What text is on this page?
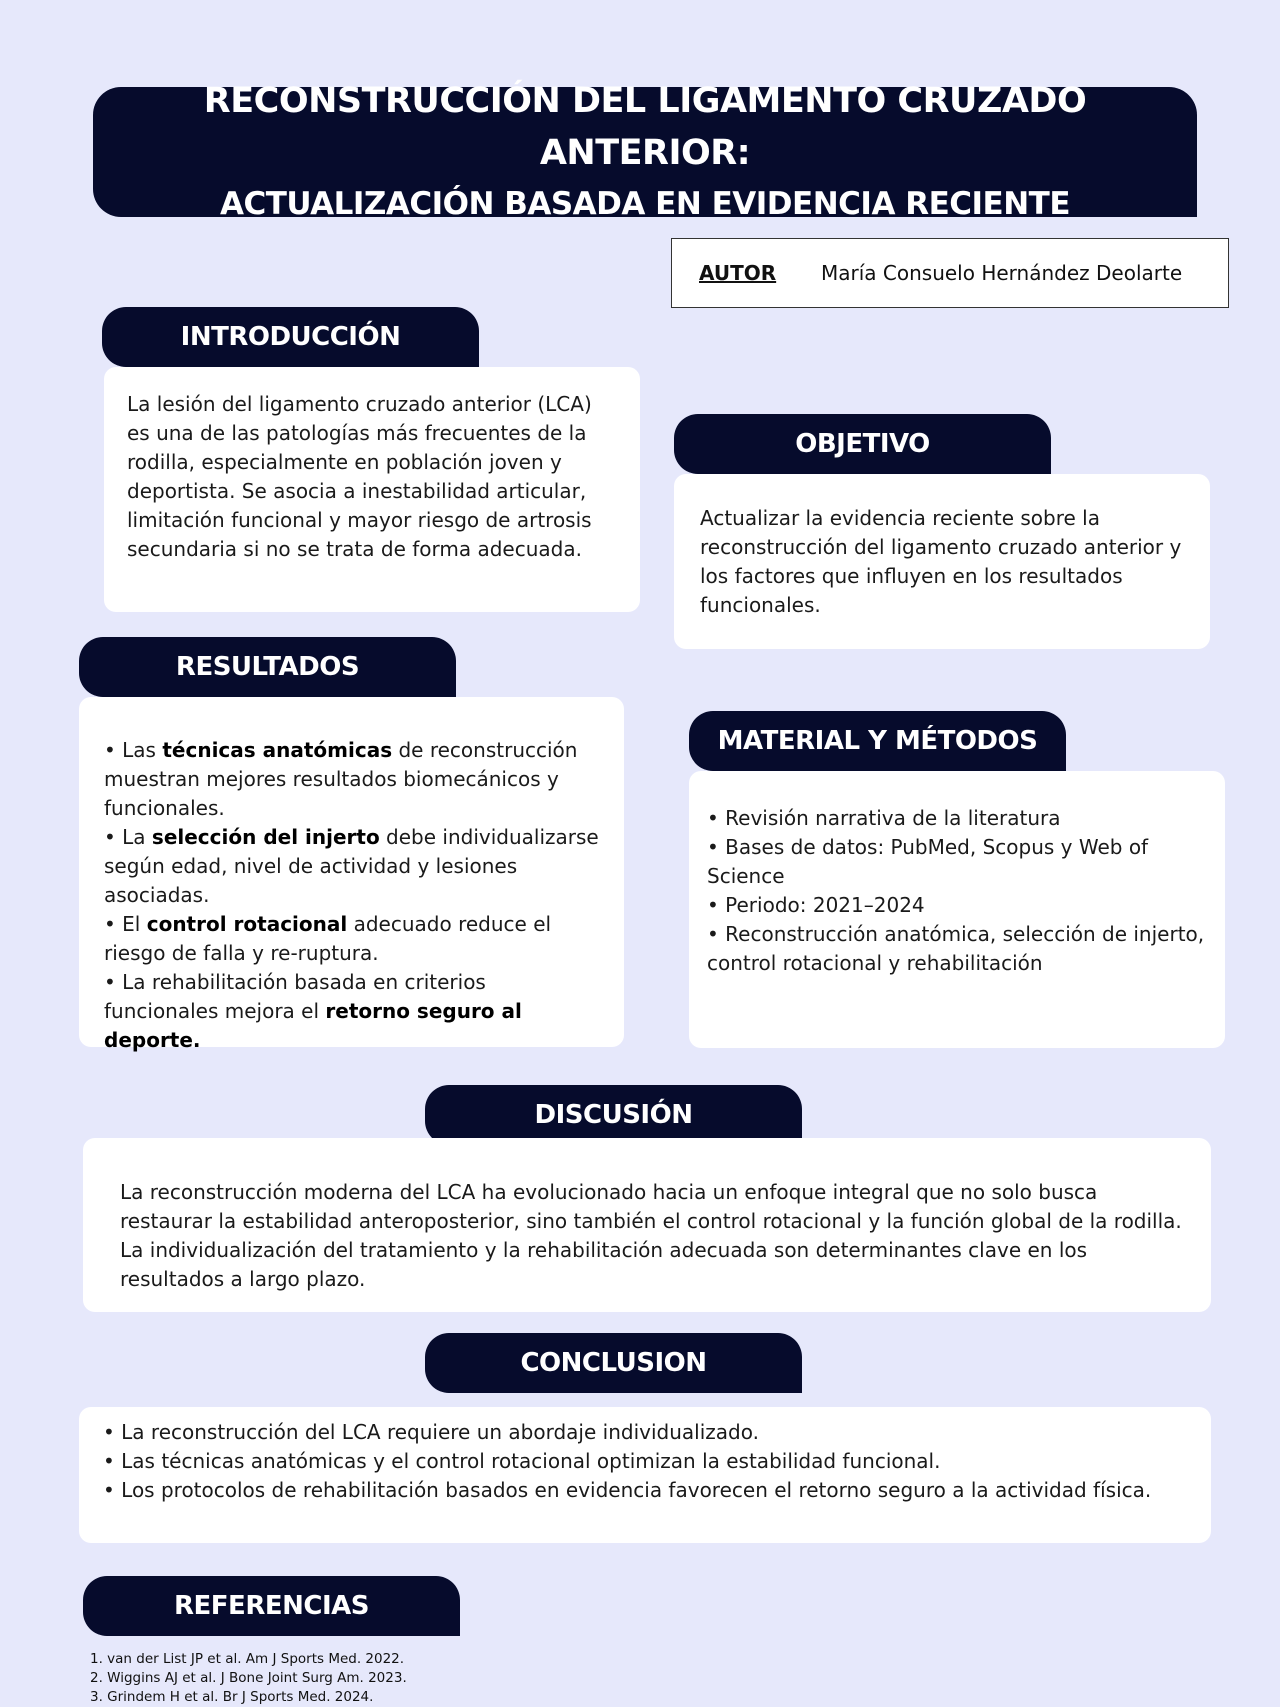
RECONSTRUCCIÓN DEL LIGAMENTO CRUZADO ANTERIOR:
ACTUALIZACIÓN BASADA EN EVIDENCIA RECIENTE
AUTOR	María Consuelo Hernández Deolarte
INTRODUCCIÓN

La lesión del ligamento cruzado anterior (LCA) es una de las patologías más frecuentes de la rodilla, especialmente en población joven y deportista. Se asocia a inestabilidad articular, limitación funcional y mayor riesgo de artrosis secundaria si no se trata de forma adecuada.

OBJETIVO

Actualizar la evidencia reciente sobre la reconstrucción del ligamento cruzado anterior y los factores que influyen en los resultados funcionales.

RESULTADOS

• Las técnicas anatómicas de reconstrucción muestran mejores resultados biomecánicos y funcionales.

• La selección del injerto debe individualizarse según edad, nivel de actividad y lesiones asociadas.

• El control rotacional adecuado reduce el riesgo de falla y re-ruptura.

• La rehabilitación basada en criterios funcionales mejora el retorno seguro al deporte.

MATERIAL Y MÉTODOS

• Revisión narrativa de la literatura

• Bases de datos: PubMed, Scopus y Web of Science

• Periodo: 2021–2024

• Reconstrucción anatómica, selección de injerto, control rotacional y rehabilitación

DISCUSIÓN

La reconstrucción moderna del LCA ha evolucionado hacia un enfoque integral que no solo busca restaurar la estabilidad anteroposterior, sino también el control rotacional y la función global de la rodilla. La individualización del tratamiento y la rehabilitación adecuada son determinantes clave en los resultados a largo plazo.

CONCLUSION

• La reconstrucción del LCA requiere un abordaje individualizado.

• Las técnicas anatómicas y el control rotacional optimizan la estabilidad funcional.

• Los protocolos de rehabilitación basados en evidencia favorecen el retorno seguro a la actividad física.

REFERENCIAS
1. van der List JP et al. Am J Sports Med. 2022.
2. Wiggins AJ et al. J Bone Joint Surg Am. 2023.
3. Grindem H et al. Br J Sports Med. 2024.
